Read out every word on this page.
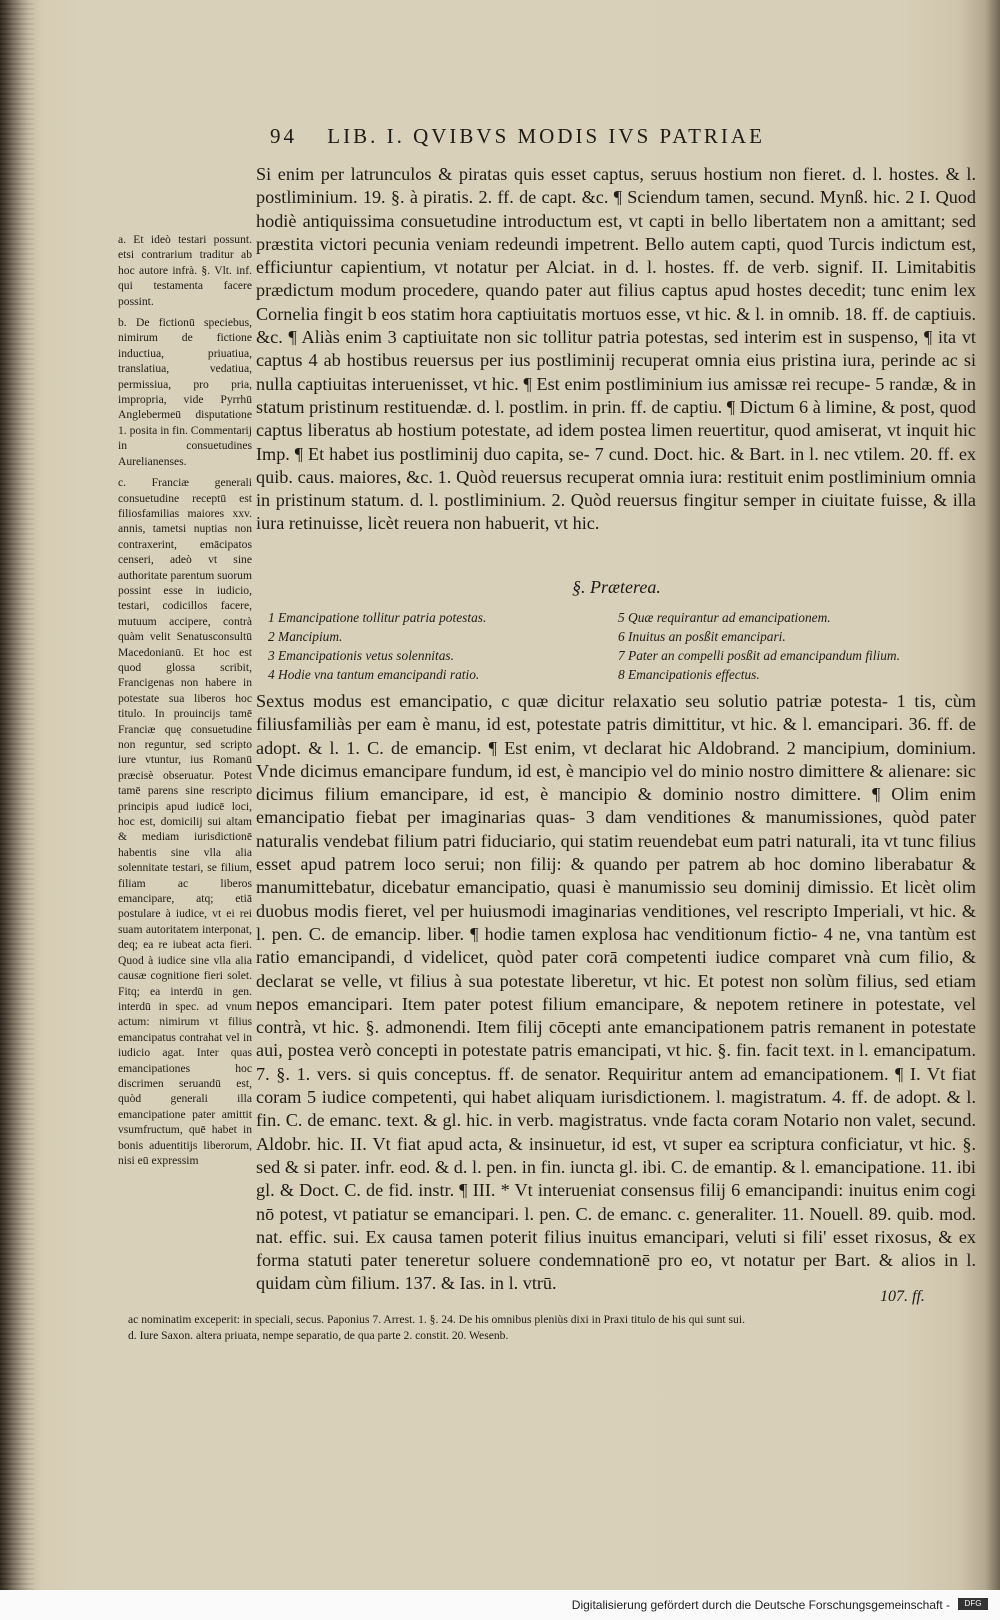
94 LIB. I. QVIBVS MODIS IVS PATRIAE

a. Et ideò testari possunt. etsi contrarium traditur ab hoc autore infrà. §. Vlt. inf. qui testamenta facere possint.

b. De fictionū speciebus, nimirum de fictione inductiua, priuatiua, translatiua, vedatiua, permissiua, pro pria, impropria, vide Pyrrhū Anglebermeū disputatione 1. posita in fin. Commentarij in consuetudines Aurelianenses.

c. Franciæ generali consuetudine receptū est filiosfamilias maiores xxv. annis, tametsi nuptias non contraxerint, emācipatos censeri, adeò vt sine authoritate parentum suorum possint esse in iudicio, testari, codicillos facere, mutuum accipere, contrà quàm velit Senatusconsultū Macedonianū. Et hoc est quod glossa scribit, Francigenas non habere in potestate sua liberos hoc titulo. In prouincijs tamē Franciæ quę consuetudine non reguntur, sed scripto iure vtuntur, ius Romanū præcisè obseruatur. Potest tamē parens sine rescripto principis apud iudicē loci, hoc est, domicilij sui altam & mediam iurisdictionē habentis sine vlla alia solennitate testari, se filium, filiam ac liberos emancipare, atq; etiā postulare à iudice, vt ei rei suam autoritatem interponat, deq; ea re iubeat acta fieri. Quod à iudice sine vlla alia causæ cognitione fieri solet. Fitq; ea interdū in gen. interdū in spec. ad vnum actum: nimirum vt filius emancipatus contrahat vel in iudicio agat. Inter quas emancipationes hoc discrimen seruandū est, quòd generali illa emancipatione pater amittit vsumfructum, quē habet in bonis aduentitijs liberorum, nisi eū expressim

Si enim per latrunculos & piratas quis esset captus, seruus hostium non fieret. d. l. hostes. & l. postliminium. 19. §. à piratis. 2. ff. de capt. &c. ¶ Sciendum tamen, secund. Mynß. hic. 2 I. Quod hodiè antiquissima consuetudine introductum est, vt capti in bello libertatem non a amittant; sed præstita victori pecunia veniam redeundi impetrent. Bello autem capti, quod Turcis indictum est, efficiuntur capientium, vt notatur per Alciat. in d. l. hostes. ff. de verb. signif. II. Limitabitis prædictum modum procedere, quando pater aut filius captus apud hostes decedit; tunc enim lex Cornelia fingit b eos statim hora captiuitatis mortuos esse, vt hic. & l. in omnib. 18. ff. de captiuis. &c. ¶ Aliàs enim 3 captiuitate non sic tollitur patria potestas, sed interim est in suspenso, ¶ ita vt captus 4 ab hostibus reuersus per ius postliminij recuperat omnia eius pristina iura, perinde ac si nulla captiuitas interuenisset, vt hic. ¶ Est enim postliminium ius amissæ rei recupe- 5 randæ, & in statum pristinum restituendæ. d. l. postlim. in prin. ff. de captiu. ¶ Dictum 6 à limine, & post, quod captus liberatus ab hostium potestate, ad idem postea limen reuertitur, quod amiserat, vt inquit hic Imp. ¶ Et habet ius postliminij duo capita, se- 7 cund. Doct. hic. & Bart. in l. nec vtilem. 20. ff. ex quib. caus. maiores, &c. 1. Quòd reuersus recuperat omnia iura: restituit enim postliminium omnia in pristinum statum. d. l. postliminium. 2. Quòd reuersus fingitur semper in ciuitate fuisse, & illa iura retinuisse, licèt reuera non habuerit, vt hic.

§. Præterea.
1 Emancipatione tollitur patria potestas.
2 Mancipium.
3 Emancipationis vetus solennitas.
4 Hodie vna tantum emancipandi ratio.
5 Quæ requirantur ad emancipationem.
6 Inuitus an posßit emancipari.
7 Pater an compelli posßit ad emancipandum filium.
8 Emancipationis effectus.

Sextus modus est emancipatio, c quæ dicitur relaxatio seu solutio patriæ potesta- 1 tis, cùm filiusfamiliàs per eam è manu, id est, potestate patris dimittitur, vt hic. & l. emancipari. 36. ff. de adopt. & l. 1. C. de emancip. ¶ Est enim, vt declarat hic Aldobrand. 2 mancipium, dominium. Vnde dicimus emancipare fundum, id est, è mancipio vel do minio nostro dimittere & alienare: sic dicimus filium emancipare, id est, è mancipio & dominio nostro dimittere. ¶ Olim enim emancipatio fiebat per imaginarias quas- 3 dam venditiones & manumissiones, quòd pater naturalis vendebat filium patri fiduciario, qui statim reuendebat eum patri naturali, ita vt tunc filius esset apud patrem loco serui; non filij: & quando per patrem ab hoc domino liberabatur & manumittebatur, dicebatur emancipatio, quasi è manumissio seu dominij dimissio. Et licèt olim duobus modis fieret, vel per huiusmodi imaginarias venditiones, vel rescripto Imperiali, vt hic. & l. pen. C. de emancip. liber. ¶ hodie tamen explosa hac venditionum fictio- 4 ne, vna tantùm est ratio emancipandi, d videlicet, quòd pater corā competenti iudice comparet vnà cum filio, & declarat se velle, vt filius à sua potestate liberetur, vt hic. Et potest non solùm filius, sed etiam nepos emancipari. Item pater potest filium emancipare, & nepotem retinere in potestate, vel contrà, vt hic. §. admonendi. Item filij cōcepti ante emancipationem patris remanent in potestate aui, postea verò concepti in potestate patris emancipati, vt hic. §. fin. facit text. in l. emancipatum. 7. §. 1. vers. si quis conceptus. ff. de senator. Requiritur antem ad emancipationem. ¶ I. Vt fiat coram 5 iudice competenti, qui habet aliquam iurisdictionem. l. magistratum. 4. ff. de adopt. & l. fin. C. de emanc. text. & gl. hic. in verb. magistratus. vnde facta coram Notario non valet, secund. Aldobr. hic. II. Vt fiat apud acta, & insinuetur, id est, vt super ea scriptura conficiatur, vt hic. §. sed & si pater. infr. eod. & d. l. pen. in fin. iuncta gl. ibi. C. de emantip. & l. emancipatione. 11. ibi gl. & Doct. C. de fid. instr. ¶ III. * Vt interueniat consensus filij 6 emancipandi: inuitus enim cogi nō potest, vt patiatur se emancipari. l. pen. C. de emanc. c. generaliter. 11. Nouell. 89. quib. mod. nat. effic. sui. Ex causa tamen poterit filius inuitus emancipari, veluti si fili' esset rixosus, & ex forma statuti pater teneretur soluere condemnationē pro eo, vt notatur per Bart. & alios in l. quidam cùm filium. 137. & Ias. in l. vtrū.

107. ff.
ac nominatim exceperit: in speciali, secus. Paponius 7. Arrest. 1. §. 24. De his omnibus pleniùs dixi in Praxi titulo de his qui sunt sui.
d. Iure Saxon. altera priuata, nempe separatio, de qua parte 2. constit. 20. Wesenb.
Digitalisierung gefördert durch die Deutsche Forschungsgemeinschaft -	DFG
